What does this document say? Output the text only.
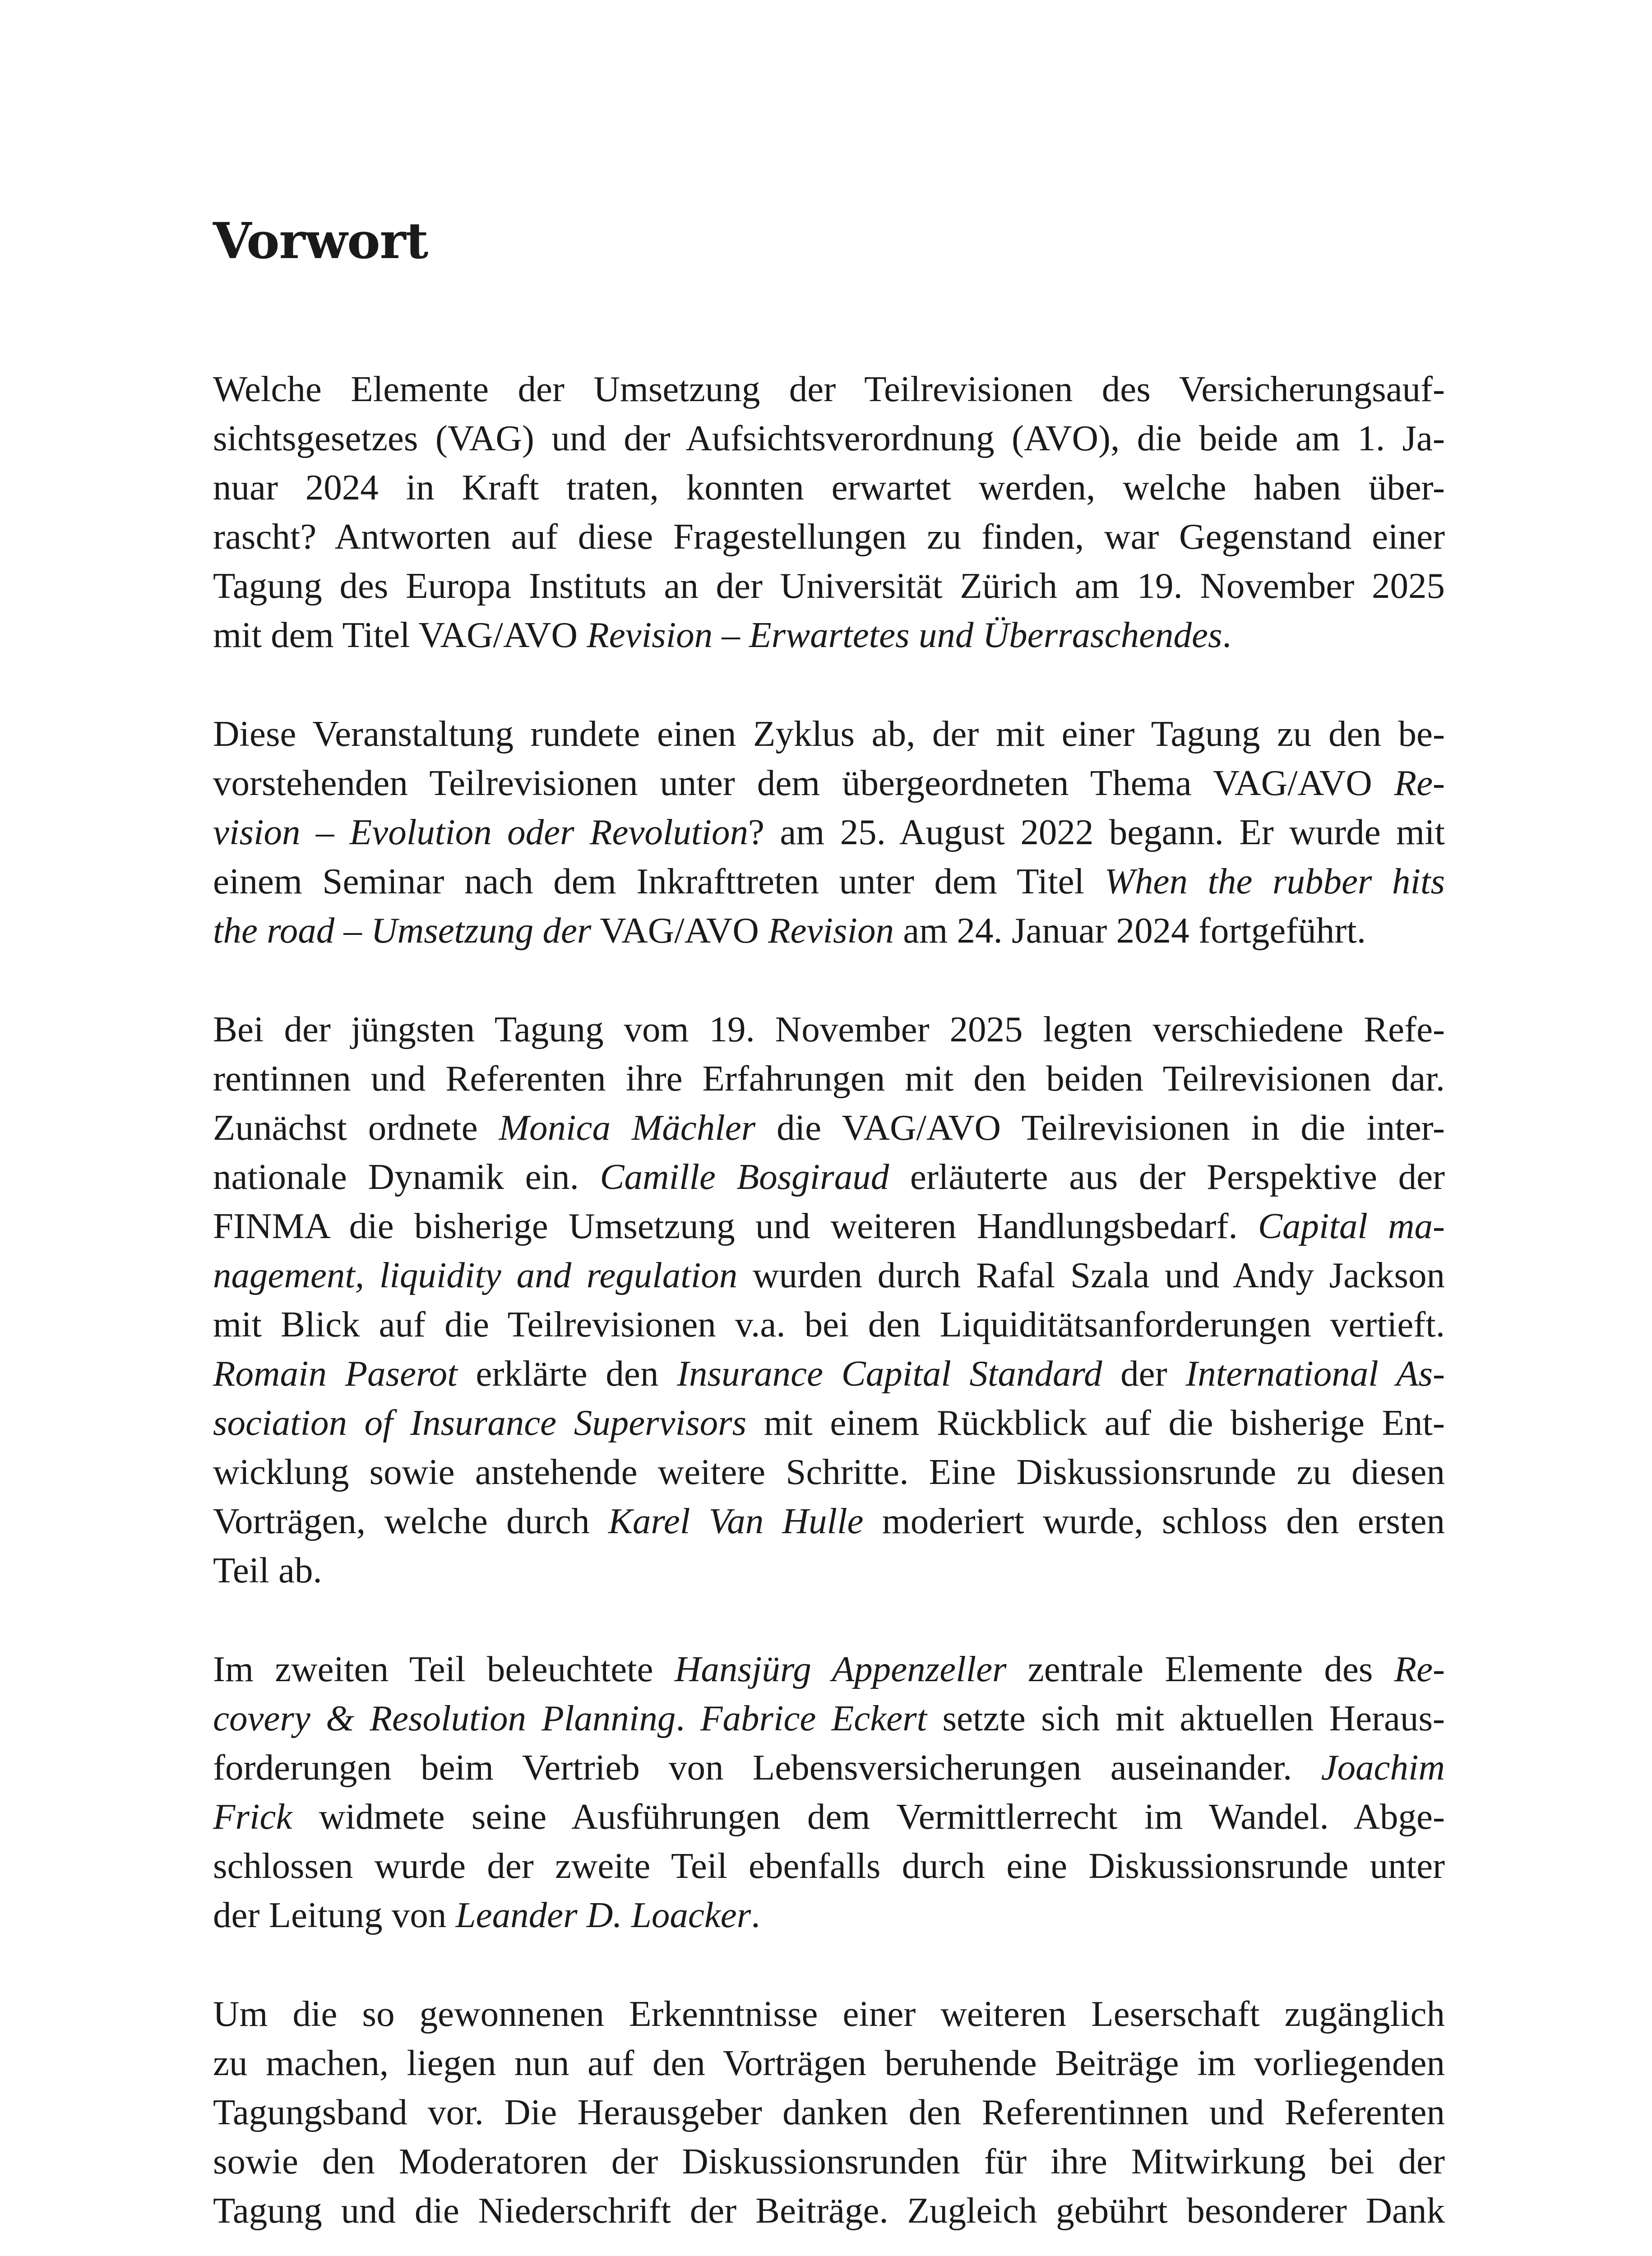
Vorwort

Welche Elemente der Umsetzung der Teilrevisionen des Versicherungsauf-
sichtsgesetzes (VAG) und der Aufsichtsverordnung (AVO), die beide am 1. Ja-
nuar 2024 in Kraft traten, konnten erwartet werden, welche haben über-
rascht? Antworten auf diese Fragestellungen zu finden, war Gegenstand einer
Tagung des Europa Instituts an der Universität Zürich am 19. November 2025
mit dem Titel VAG/AVO Revision – Erwartetes und Überraschendes.

Diese Veranstaltung rundete einen Zyklus ab, der mit einer Tagung zu den be-
vorstehenden Teilrevisionen unter dem übergeordneten Thema VAG/AVO Re-
vision – Evolution oder Revolution? am 25. August 2022 begann. Er wurde mit
einem Seminar nach dem Inkrafttreten unter dem Titel When the rubber hits
the road – Umsetzung der VAG/AVO Revision am 24. Januar 2024 fortgeführt.

Bei der jüngsten Tagung vom 19. November 2025 legten verschiedene Refe-
rentinnen und Referenten ihre Erfahrungen mit den beiden Teilrevisionen dar.
Zunächst ordnete Monica Mächler die VAG/AVO Teilrevisionen in die inter-
nationale Dynamik ein. Camille Bosgiraud erläuterte aus der Perspektive der
FINMA die bisherige Umsetzung und weiteren Handlungsbedarf. Capital ma-
nagement, liquidity and regulation wurden durch Rafal Szala und Andy Jackson
mit Blick auf die Teilrevisionen v.a. bei den Liquiditätsanforderungen vertieft.
Romain Paserot erklärte den Insurance Capital Standard der International As-
sociation of Insurance Supervisors mit einem Rückblick auf die bisherige Ent-
wicklung sowie anstehende weitere Schritte. Eine Diskussionsrunde zu diesen
Vorträgen, welche durch Karel Van Hulle moderiert wurde, schloss den ersten
Teil ab.

Im zweiten Teil beleuchtete Hansjürg Appenzeller zentrale Elemente des Re-
covery & Resolution Planning. Fabrice Eckert setzte sich mit aktuellen Heraus-
forderungen beim Vertrieb von Lebensversicherungen auseinander. Joachim
Frick widmete seine Ausführungen dem Vermittlerrecht im Wandel. Abge-
schlossen wurde der zweite Teil ebenfalls durch eine Diskussionsrunde unter
der Leitung von Leander D. Loacker.

Um die so gewonnenen Erkenntnisse einer weiteren Leserschaft zugänglich
zu machen, liegen nun auf den Vorträgen beruhende Beiträge im vorliegenden
Tagungsband vor. Die Herausgeber danken den Referentinnen und Referenten
sowie den Moderatoren der Diskussionsrunden für ihre Mitwirkung bei der
Tagung und die Niederschrift der Beiträge. Zugleich gebührt besonderer Dank
